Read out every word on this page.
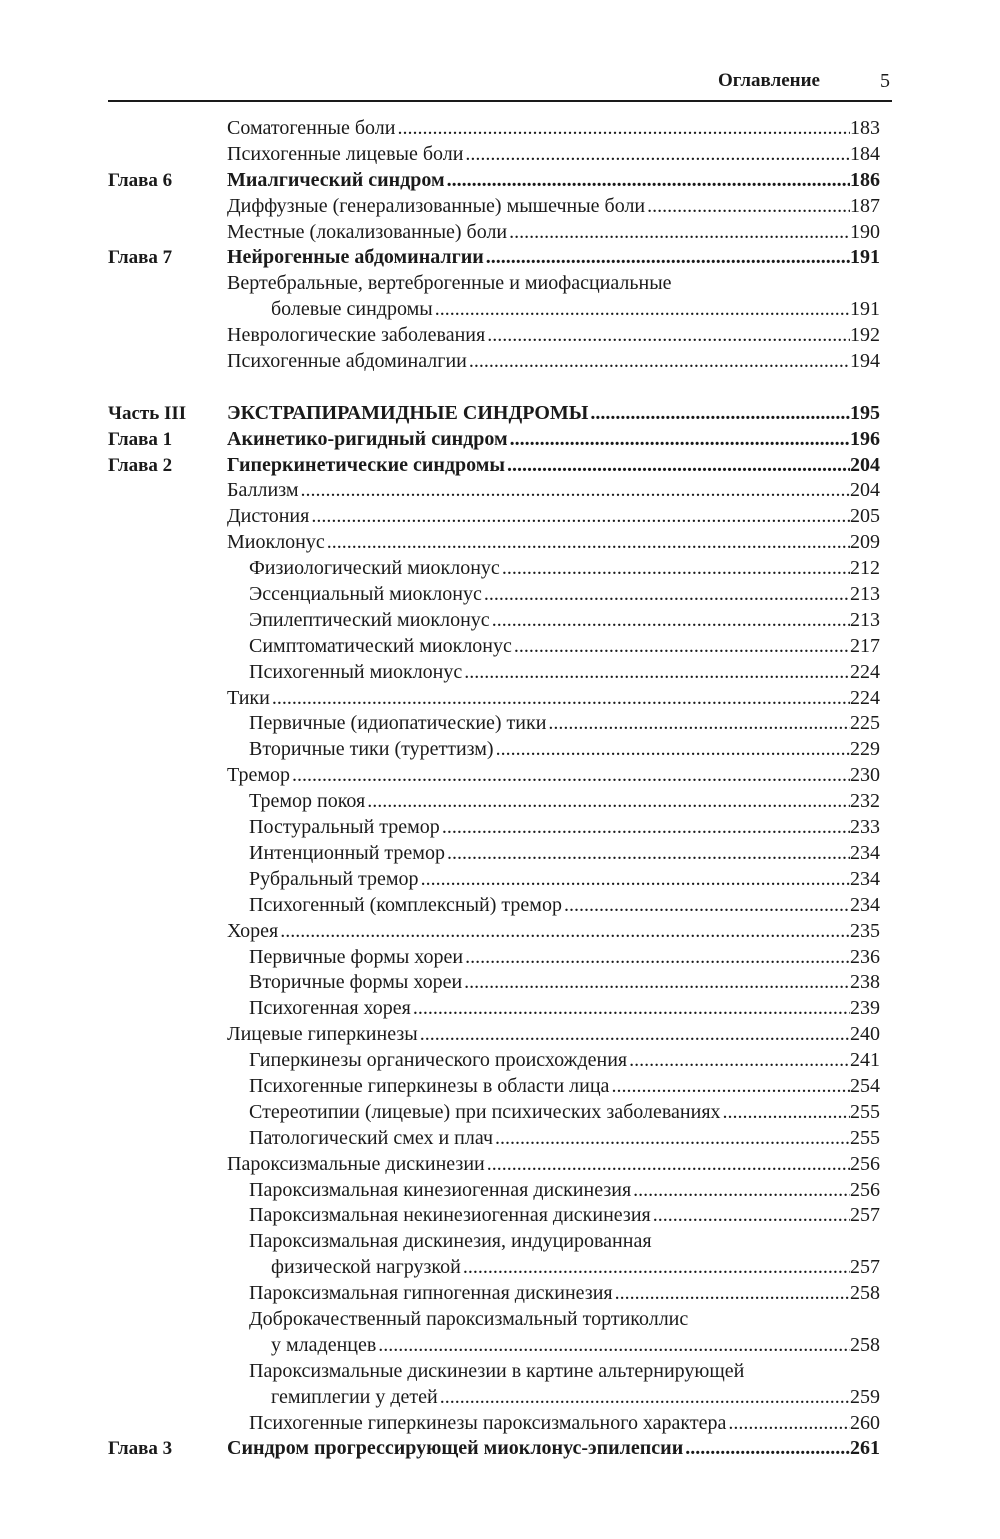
Оглавление	5
Соматогенные боли .....	183
Психогенные лицевые боли .....	184
Глава 6	Миалгический синдром .....	186
Диффузные (генерализованные) мышечные боли .....	187
Местные (локализованные) боли .....	190
Глава 7	Нейрогенные абдоминалгии .....	191
Вертебральные, вертеброгенные и миофасциальные
болевые синдромы .....	191
Неврологические заболевания .....	192
Психогенные абдоминалгии .....	194
Часть III ЭКСТРАПИРАМИДНЫЕ СИНДРОМЫ .....	195
Глава 1	Акинетико-ригидный синдром .....	196
Глава 2	Гиперкинетические синдромы .....	204
Баллизм .....	204
Дистония .....	205
Миоклонус .....	209
Физиологический миоклонус .....	212
Эссенциальный миоклонус .....	213
Эпилептический миоклонус .....	213
Симптоматический миоклонус .....	217
Психогенный миоклонус .....	224
Тики .....	224
Первичные (идиопатические) тики .....	225
Вторичные тики (туреттизм) .....	229
Тремор .....	230
Тремор покоя .....	232
Постуральный тремор .....	233
Интенционный тремор .....	234
Рубральный тремор .....	234
Психогенный (комплексный) тремор .....	234
Хорея .....	235
Первичные формы хореи .....	236
Вторичные формы хореи .....	238
Психогенная хорея .....	239
Лицевые гиперкинезы .....	240
Гиперкинезы органического происхождения .....	241
Психогенные гиперкинезы в области лица .....	254
Стереотипии (лицевые) при психических заболеваниях .....	255
Патологический смех и плач .....	255
Пароксизмальные дискинезии .....	256
Пароксизмальная кинезиогенная дискинезия .....	256
Пароксизмальная некинезиогенная дискинезия .....	257
Пароксизмальная дискинезия, индуцированная
физической нагрузкой .....	257
Пароксизмальная гипногенная дискинезия .....	258
Доброкачественный пароксизмальный тортиколлис
у младенцев .....	258
Пароксизмальные дискинезии в картине альтернирующей
гемиплегии у детей .....	259
Психогенные гиперкинезы пароксизмального характера .....	260
Глава 3	Синдром прогрессирующей миоклонус-эпилепсии .....	261
